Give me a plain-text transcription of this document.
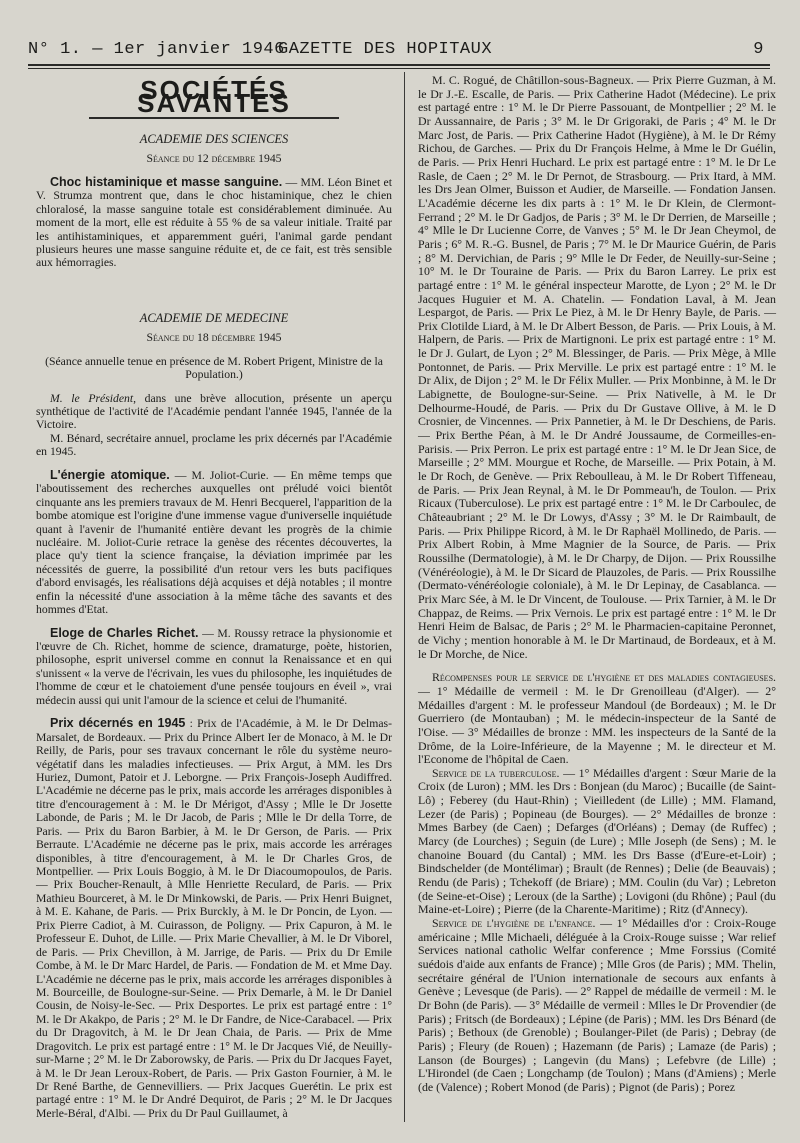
N° 1. — 1er janvier 1946
GAZETTE DES HOPITAUX	9
SOCIÉTÉS SAVANTES
ACADEMIE DES SCIENCES
Séance du 12 décembre 1945

Choc histaminique et masse sanguine. — MM. Léon Binet et V. Strumza montrent que, dans le choc histaminique, chez le chien chloralosé, la masse sanguine totale est considérablement diminuée. Au moment de la mort, elle est réduite à 55 % de sa valeur initiale. Traité par les antihistaminiques, et apparemment guéri, l'animal garde pendant plusieurs heures une masse sanguine réduite et, de ce fait, est très sensible aux hémorragies.

ACADEMIE DE MEDECINE
Séance du 18 décembre 1945
(Séance annuelle tenue en présence de M. Robert Prigent, Ministre de la Population.)

M. le Président, dans une brève allocution, présente un aperçu synthétique de l'activité de l'Académie pendant l'année 1945, l'année de la Victoire.

M. Bénard, secrétaire annuel, proclame les prix décernés par l'Académie en 1945.

L'énergie atomique. — M. Joliot-Curie. — En même temps que l'aboutissement des recherches auxquelles ont préludé voici bientôt cinquante ans les premiers travaux de M. Henri Becquerel, l'apparition de la bombe atomique est l'origine d'une immense vague d'universelle inquiétude quant à l'avenir de l'humanité entière devant les progrès de la chimie nucléaire. M. Joliot-Curie retrace la genèse des récentes découvertes, la place qu'y tient la science française, la déviation imprimée par les nécessités de guerre, la possibilité d'un retour vers les buts pacifiques d'abord envisagés, les réalisations déjà acquises et déjà notables ; il montre enfin la nécessité d'une association à la même tâche des savants et des hommes d'Etat.

Eloge de Charles Richet. — M. Roussy retrace la physionomie et l'œuvre de Ch. Richet, homme de science, dramaturge, poète, historien, philosophe, esprit universel comme en connut la Renaissance et en qui s'unissent « la verve de l'écrivain, les vues du philosophe, les inquiétudes de l'homme de cœur et le chatoiement d'une pensée toujours en éveil », vrai médecin aussi qui unit l'amour de la science et celui de l'humanité.

Prix décernés en 1945 : Prix de l'Académie, à M. le Dr Delmas-Marsalet, de Bordeaux. — Prix du Prince Albert Ier de Monaco, à M. le Dr Reilly, de Paris, pour ses travaux concernant le rôle du système neuro-végétatif dans les maladies infectieuses. — Prix Argut, à MM. les Drs Huriez, Dumont, Patoir et J. Leborgne. — Prix François-Joseph Audiffred. L'Académie ne décerne pas le prix, mais accorde les arrérages disponibles à titre d'encouragement à : M. le Dr Mérigot, d'Assy ; Mlle le Dr Josette Labonde, de Paris ; M. le Dr Jacob, de Paris ; Mlle le Dr della Torre, de Paris. — Prix du Baron Barbier, à M. le Dr Gerson, de Paris. — Prix Berraute. L'Académie ne décerne pas le prix, mais accorde les arrérages disponibles, à titre d'encouragement, à M. le Dr Charles Gros, de Montpellier. — Prix Louis Boggio, à M. le Dr Diacoumopoulos, de Paris. — Prix Boucher-Renault, à Mlle Henriette Reculard, de Paris. — Prix Mathieu Bourceret, à M. le Dr Minkowski, de Paris. — Prix Henri Buignet, à M. E. Kahane, de Paris. — Prix Burckly, à M. le Dr Poncin, de Lyon. — Prix Pierre Cadiot, à M. Cuirasson, de Poligny. — Prix Capuron, à M. le Professeur E. Duhot, de Lille. — Prix Marie Chevallier, à M. le Dr Viborel, de Paris. — Prix Chevillon, à M. Jarrige, de Paris. — Prix du Dr Emile Combe, à M. le Dr Marc Hardel, de Paris. — Fondation de M. et Mme Day. L'Académie ne décerne pas le prix, mais accorde les arrérages disponibles à M. Bourceille, de Boulogne-sur-Seine. — Prix Demarle, à M. le Dr Daniel Cousin, de Noisy-le-Sec. — Prix Desportes. Le prix est partagé entre : 1° M. le Dr Akakpo, de Paris ; 2° M. le Dr Fandre, de Nice-Carabacel. — Prix du Dr Dragovitch, à M. le Dr Jean Chaia, de Paris. — Prix de Mme Dragovitch. Le prix est partagé entre : 1° M. le Dr Jacques Vié, de Neuilly-sur-Marne ; 2° M. le Dr Zaborowsky, de Paris. — Prix du Dr Jacques Fayet, à M. le Dr Jean Leroux-Robert, de Paris. — Prix Gaston Fournier, à M. le Dr René Barthe, de Gennevilliers. — Prix Jacques Guerétin. Le prix est partagé entre : 1° M. le Dr André Dequirot, de Paris ; 2° M. le Dr Jacques Merle-Béral, d'Albi. — Prix du Dr Paul Guillaumet, à

M. C. Rogué, de Châtillon-sous-Bagneux. — Prix Pierre Guzman, à M. le Dr J.-E. Escalle, de Paris. — Prix Catherine Hadot (Médecine). Le prix est partagé entre : 1° M. le Dr Pierre Passouant, de Montpellier ; 2° M. le Dr Aussannaire, de Paris ; 3° M. le Dr Grigoraki, de Paris ; 4° M. le Dr Marc Jost, de Paris. — Prix Catherine Hadot (Hygiène), à M. le Dr Rémy Richou, de Garches. — Prix du Dr François Helme, à Mme le Dr Guélin, de Paris. — Prix Henri Huchard. Le prix est partagé entre : 1° M. le Dr Le Rasle, de Caen ; 2° M. le Dr Pernot, de Strasbourg. — Prix Itard, à MM. les Drs Jean Olmer, Buisson et Audier, de Marseille. — Fondation Jansen. L'Académie décerne les dix parts à : 1° M. le Dr Klein, de Clermont-Ferrand ; 2° M. le Dr Gadjos, de Paris ; 3° M. le Dr Derrien, de Marseille ; 4° Mlle le Dr Lucienne Corre, de Vanves ; 5° M. le Dr Jean Cheymol, de Paris ; 6° M. R.-G. Busnel, de Paris ; 7° M. le Dr Maurice Guérin, de Paris ; 8° M. Dervichian, de Paris ; 9° Mlle le Dr Feder, de Neuilly-sur-Seine ; 10° M. le Dr Touraine de Paris. — Prix du Baron Larrey. Le prix est partagé entre : 1° M. le général inspecteur Marotte, de Lyon ; 2° M. le Dr Jacques Huguier et M. A. Chatelin. — Fondation Laval, à M. Jean Lespargot, de Paris. — Prix Le Piez, à M. le Dr Henry Bayle, de Paris. — Prix Clotilde Liard, à M. le Dr Albert Besson, de Paris. — Prix Louis, à M. Halpern, de Paris. — Prix de Martignoni. Le prix est partagé entre : 1° M. le Dr J. Gulart, de Lyon ; 2° M. Blessinger, de Paris. — Prix Mège, à Mlle Pontonnet, de Paris. — Prix Merville. Le prix est partagé entre : 1° M. le Dr Alix, de Dijon ; 2° M. le Dr Félix Muller. — Prix Monbinne, à M. le Dr Labignette, de Boulogne-sur-Seine. — Prix Nativelle, à M. le Dr Delhourme-Houdé, de Paris. — Prix du Dr Gustave Ollive, à M. le D Crosnier, de Vincennes. — Prix Pannetier, à M. le Dr Deschiens, de Paris. — Prix Berthe Péan, à M. le Dr André Joussaume, de Cormeilles-en-Parisis. — Prix Perron. Le prix est partagé entre : 1° M. le Dr Jean Sice, de Marseille ; 2° MM. Mourgue et Roche, de Marseille. — Prix Potain, à M. le Dr Roch, de Genève. — Prix Reboulleau, à M. le Dr Robert Tiffeneau, de Paris. — Prix Jean Reynal, à M. le Dr Pommeau'h, de Toulon. — Prix Ricaux (Tuberculose). Le prix est partagé entre : 1° M. le Dr Carboulec, de Châteaubriant ; 2° M. le Dr Lowys, d'Assy ; 3° M. le Dr Raimbault, de Paris. — Prix Philippe Ricord, à M. le Dr Raphaël Mollinedo, de Paris. — Prix Albert Robin, à Mme Magnier de la Source, de Paris. — Prix Roussilhe (Dermatologie), à M. le Dr Charpy, de Dijon. — Prix Roussilhe (Vénéréologie), à M. le Dr Sicard de Plauzoles, de Paris. — Prix Roussilhe (Dermato-vénéréologie coloniale), à M. le Dr Lepinay, de Casablanca. — Prix Marc Sée, à M. le Dr Vincent, de Toulouse. — Prix Tarnier, à M. le Dr Chappaz, de Reims. — Prix Vernois. Le prix est partagé entre : 1° M. le Dr Henri Heim de Balsac, de Paris ; 2° M. le Pharmacien-capitaine Peronnet, de Vichy ; mention honorable à M. le Dr Martinaud, de Bordeaux, et à M. le Dr Morche, de Nice.

Récompenses pour le service de l'hygiène et des maladies contagieuses. — 1° Médaille de vermeil : M. le Dr Grenoilleau (d'Alger). — 2° Médailles d'argent : M. le professeur Mandoul (de Bordeaux) ; M. le Dr Guerriero (de Montauban) ; M. le médecin-inspecteur de la Santé de l'Oise. — 3° Médailles de bronze : MM. les inspecteurs de la Santé de la Drôme, de la Loire-Inférieure, de la Mayenne ; M. le directeur et M. l'Econome de l'hôpital de Caen.

Service de la tuberculose. — 1° Médailles d'argent : Sœur Marie de la Croix (de Luron) ; MM. les Drs : Bonjean (du Maroc) ; Bucaille (de Saint-Lô) ; Feberey (du Haut-Rhin) ; Vieilledent (de Lille) ; MM. Flamand, Lezer (de Paris) ; Popineau (de Bourges). — 2° Médailles de bronze : Mmes Barbey (de Caen) ; Defarges (d'Orléans) ; Demay (de Ruffec) ; Marcy (de Lourches) ; Seguin (de Lure) ; Mlle Joseph (de Sens) ; M. le chanoine Bouard (du Cantal) ; MM. les Drs Basse (d'Eure-et-Loir) ; Bindschelder (de Montélimar) ; Brault (de Rennes) ; Delie (de Beauvais) ; Rendu (de Paris) ; Tchekoff (de Briare) ; MM. Coulin (du Var) ; Lebreton (de Seine-et-Oise) ; Leroux (de la Sarthe) ; Lovigoni (du Rhône) ; Paul (du Maine-et-Loire) ; Pierre (de la Charente-Maritime) ; Ritz (d'Annecy).

Service de l'hygiène de l'enfance. — 1° Médailles d'or : Croix-Rouge américaine ; Mlle Michaeli, déléguée à la Croix-Rouge suisse ; War relief Services national catholic Welfar conference ; Mme Forssius (Comité suédois d'aide aux enfants de France) ; Mlle Gros (de Paris) ; MM. Thelin, secrétaire général de l'Union internationale de secours aux enfants à Genève ; Levesque (de Paris). — 2° Rappel de médaille de vermeil : M. le Dr Bohn (de Paris). — 3° Médaille de vermeil : Mlles le Dr Provendier (de Paris) ; Fritsch (de Bordeaux) ; Lépine (de Paris) ; MM. les Drs Bénard (de Paris) ; Bethoux (de Grenoble) ; Boulanger-Pilet (de Paris) ; Debray (de Paris) ; Fleury (de Rouen) ; Hazemann (de Paris) ; Lamaze (de Paris) ; Lanson (de Bourges) ; Langevin (du Mans) ; Lefebvre (de Lille) ; L'Hirondel (de Caen ; Longchamp (de Toulon) ; Mans (d'Amiens) ; Merle (de (Valence) ; Robert Monod (de Paris) ; Pignot (de Paris) ; Porez
